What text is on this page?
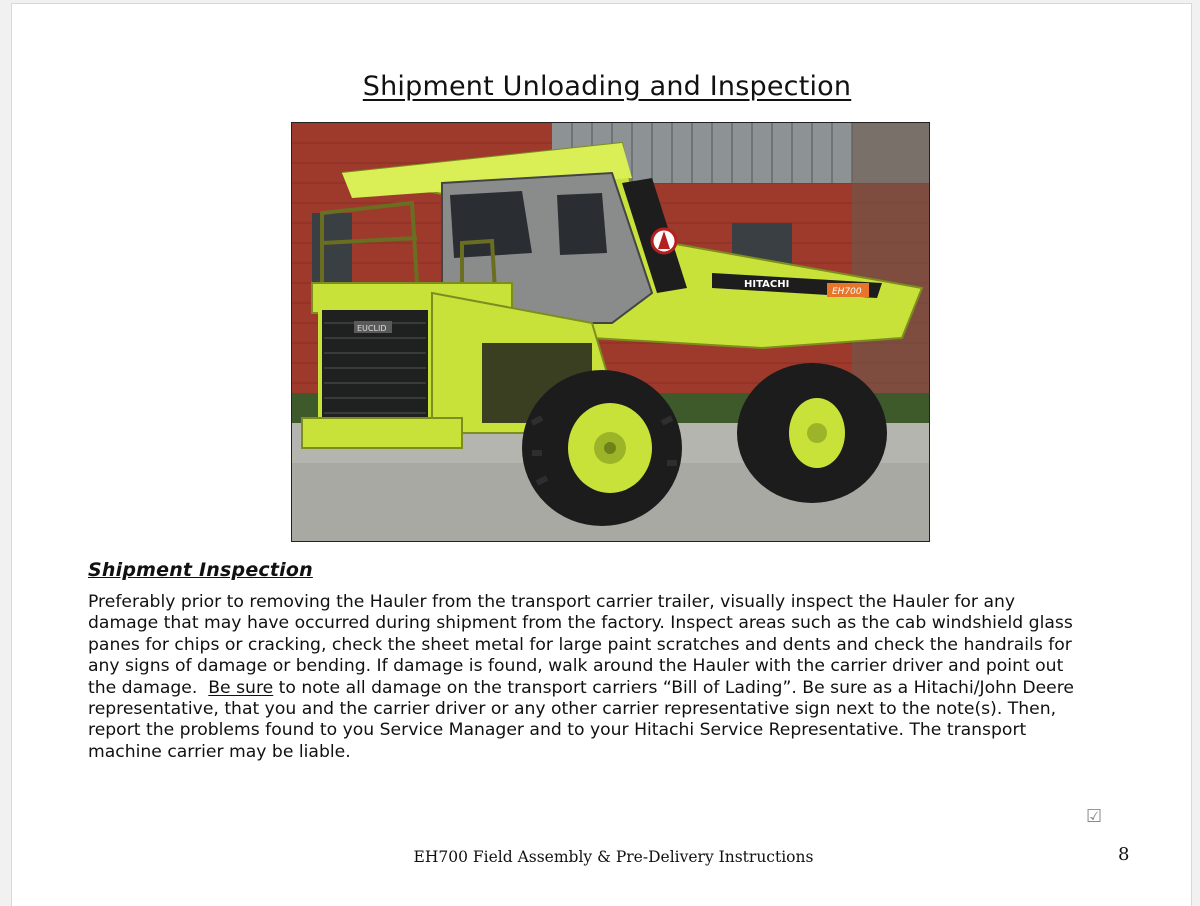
Shipment Unloading and Inspection
HITACHI
EH700
EUCLID
Shipment Inspection

Preferably prior to removing the Hauler from the transport carrier trailer, visually inspect the Hauler for any
damage that may have occurred during shipment from the factory. Inspect areas such as the cab windshield glass
panes for chips or cracking, check the sheet metal for large paint scratches and dents and check the handrails for
any signs of damage or bending. If damage is found, walk around the Hauler with the carrier driver and point out
the damage.  Be sure to note all damage on the transport carriers “Bill of Lading”. Be sure as a Hitachi/John Deere
representative, that you and the carrier driver or any other carrier representative sign next to the note(s). Then,
report the problems found to you Service Manager and to your Hitachi Service Representative. The transport
machine carrier may be liable.

☑
EH700 Field Assembly & Pre-Delivery Instructions	8
